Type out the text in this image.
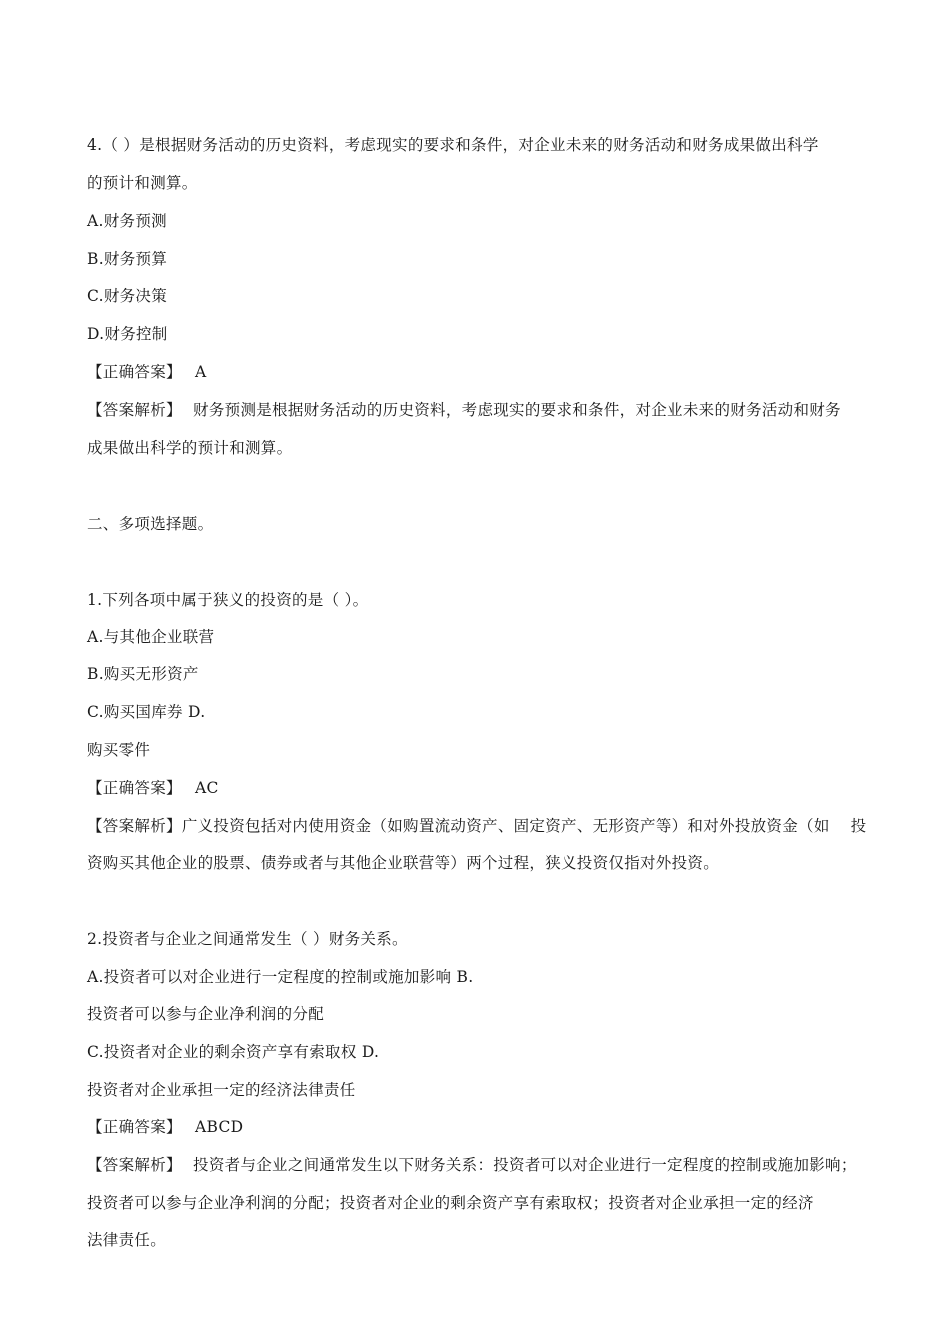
4.（ ）是根据财务活动的历史资料，考虑现实的要求和条件，对企业未来的财务活动和财务成果做出科学
的预计和测算。
A.财务预测
B.财务预算
C.财务决策
D.财务控制
【正确答案】 A
【答案解析】 财务预测是根据财务活动的历史资料，考虑现实的要求和条件，对企业未来的财务活动和财务
成果做出科学的预计和测算。
二、多项选择题。
1.下列各项中属于狭义的投资的是（ ）。
A.与其他企业联营
B.购买无形资产
C.购买国库券 D.
购买零件
【正确答案】 AC
【答案解析】广义投资包括对内使用资金（如购置流动资产、固定资产、无形资产等）和对外投放资金（如　 投
资购买其他企业的股票、债券或者与其他企业联营等）两个过程，狭义投资仅指对外投资。
2.投资者与企业之间通常发生（ ）财务关系。
A.投资者可以对企业进行一定程度的控制或施加影响 B.
投资者可以参与企业净利润的分配
C.投资者对企业的剩余资产享有索取权 D.
投资者对企业承担一定的经济法律责任
【正确答案】 ABCD
【答案解析】 投资者与企业之间通常发生以下财务关系：投资者可以对企业进行一定程度的控制或施加影响；
投资者可以参与企业净利润的分配；投资者对企业的剩余资产享有索取权；投资者对企业承担一定的经济
法律责任。
